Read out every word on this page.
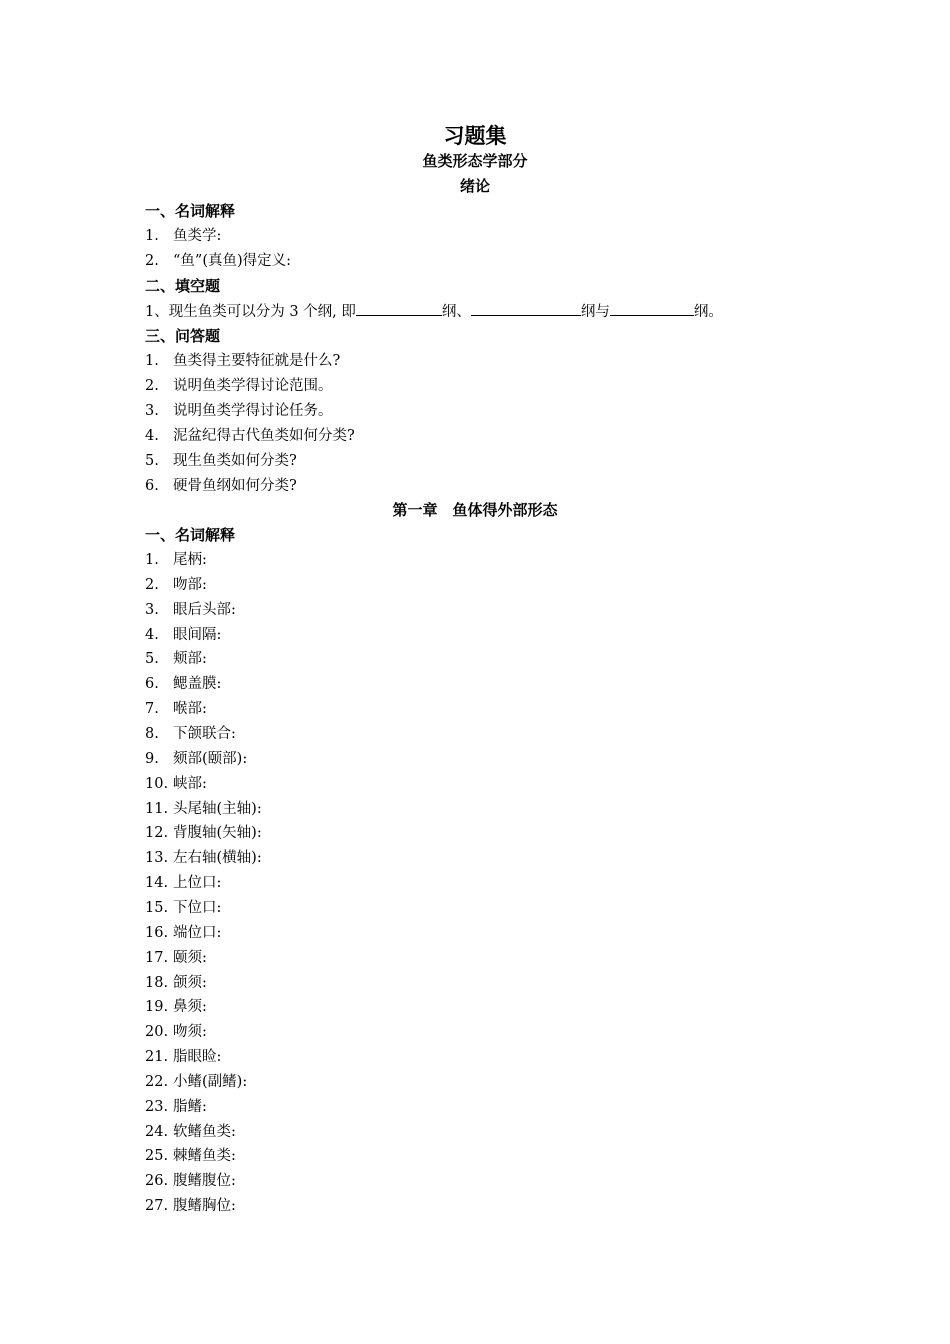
习题集
鱼类形态学部分
绪论
一、名词解释
1. 鱼类学:
2. “鱼”(真鱼)得定义:
二、填空题
1、现生鱼类可以分为 3 个纲, 即	纲、	纲与	纲。
三、问答题
1. 鱼类得主要特征就是什么?
2. 说明鱼类学得讨论范围。
3. 说明鱼类学得讨论任务。
4. 泥盆纪得古代鱼类如何分类?
5. 现生鱼类如何分类?
6. 硬骨鱼纲如何分类?
第一章　鱼体得外部形态
一、名词解释
1. 尾柄:
2. 吻部:
3. 眼后头部:
4. 眼间隔:
5. 颊部:
6. 鳃盖膜:
7. 喉部:
8. 下颌联合:
9. 颏部(颐部):
10. 峡部:
11. 头尾轴(主轴):
12. 背腹轴(矢轴):
13. 左右轴(横轴):
14. 上位口:
15. 下位口:
16. 端位口:
17. 颐须:
18. 颌须:
19. 鼻须:
20. 吻须:
21. 脂眼睑:
22. 小鳍(副鳍):
23. 脂鳍:
24. 软鳍鱼类:
25. 棘鳍鱼类:
26. 腹鳍腹位:
27. 腹鳍胸位:
